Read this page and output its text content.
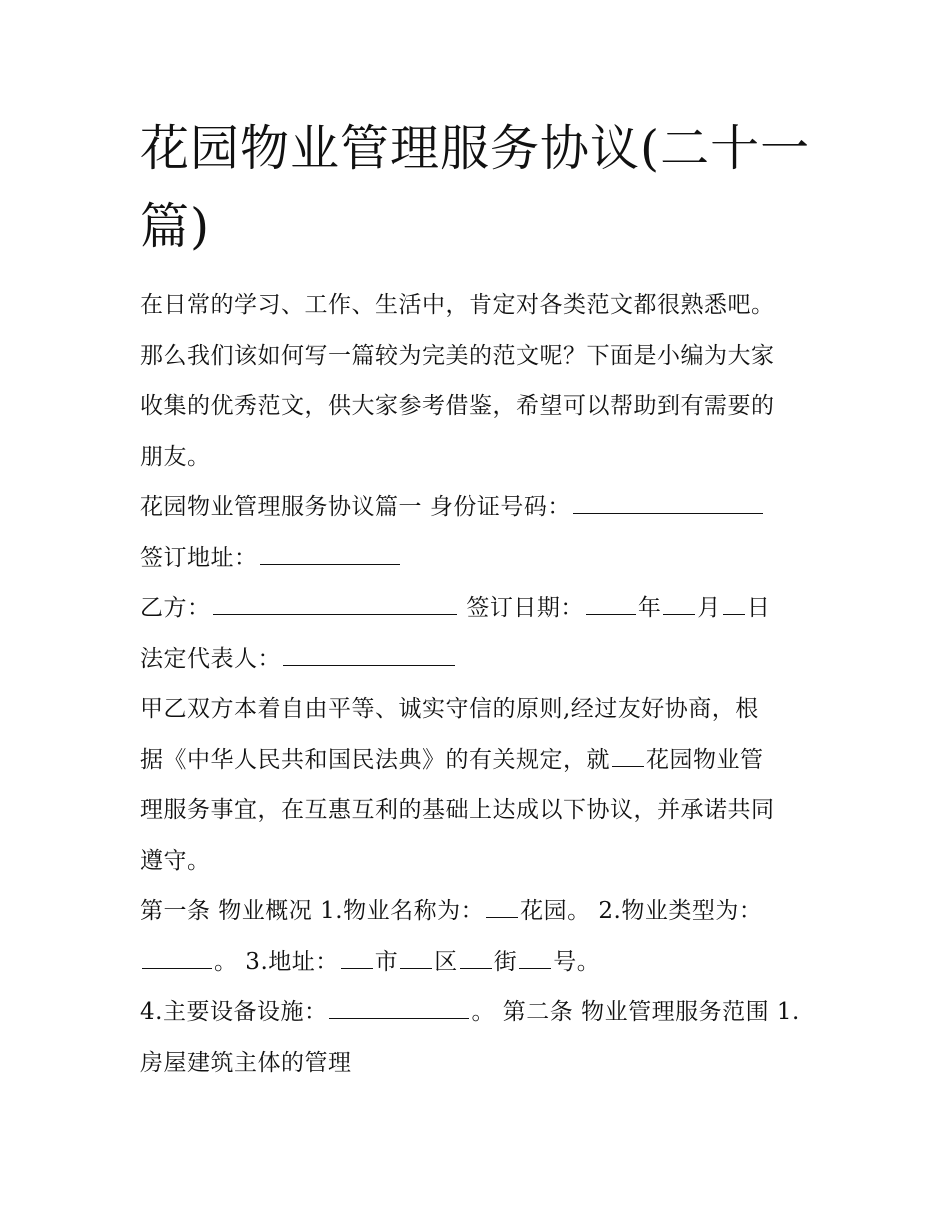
花园物业管理服务协议(二十一篇)

在日常的学习、工作、生活中，肯定对各类范文都很熟悉吧。

那么我们该如何写一篇较为完美的范文呢？下面是小编为大家

收集的优秀范文，供大家参考借鉴，希望可以帮助到有需要的

朋友。

花园物业管理服务协议篇一 身份证号码：

签订地址：

乙方：	签订日期： 年 月 日

法定代表人：

甲乙双方本着自由平等、诚实守信的原则,经过友好协商，根

据《中华人民共和国民法典》的有关规定，就 花园物业管

理服务事宜，在互惠互利的基础上达成以下协议，并承诺共同

遵守。

第一条 物业概况 1.物业名称为： 花园。 2.物业类型为：

。 3.地址： 市 区 街 号。

4.主要设备设施：	。 第二条 物业管理服务范围 1.

房屋建筑主体的管理
